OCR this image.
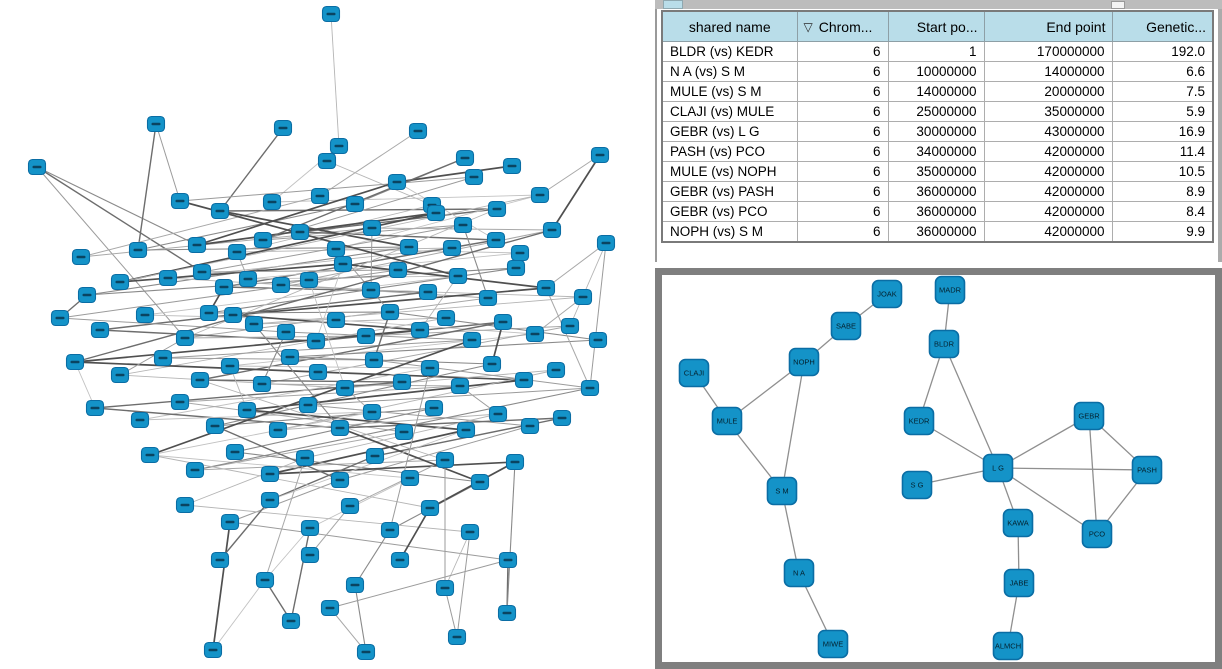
shared name	▽ Chrom...	Start po...	End point	Genetic...
BLDR (vs) KEDR	6	1	170000000	192.0
N A (vs) S M	6	10000000	14000000	6.6
MULE (vs) S M	6	14000000	20000000	7.5
CLAJI (vs) MULE	6	25000000	35000000	5.9
GEBR (vs) L G	6	30000000	43000000	16.9
PASH (vs) PCO	6	34000000	42000000	11.4
MULE (vs) NOPH	6	35000000	42000000	10.5
GEBR (vs) PASH	6	36000000	42000000	8.9
GEBR (vs) PCO	6	36000000	42000000	8.4
NOPH (vs) S M	6	36000000	42000000	9.9
JOAK	MADR
SABE
BLDR
NOPH
CLAJI
MULE	KEDR
GEBR
L G	PASH
S G
S M
KAWA
PCO
N A
JABE
MIWE	ALMCH
